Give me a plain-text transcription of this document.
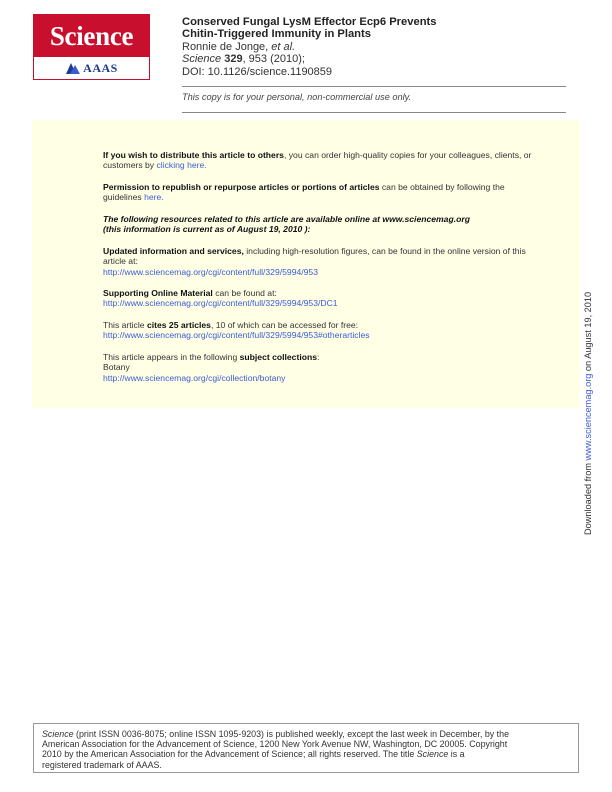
Science
AAAS
Conserved Fungal LysM Effector Ecp6 Prevents
Chitin-Triggered Immunity in Plants
Ronnie de Jonge, et al.
Science 329, 953 (2010);
DOI: 10.1126/science.1190859
This copy is for your personal, non-commercial use only.
If you wish to distribute this article to others, you can order high-quality copies for your colleagues, clients, or customers by clicking here.
Permission to republish or repurpose articles or portions of articles can be obtained by following the guidelines here.
The following resources related to this article are available online at www.sciencemag.org
(this information is current as of August 19, 2010 ):
Updated information and services, including high-resolution figures, can be found in the online version of this article at:
http://www.sciencemag.org/cgi/content/full/329/5994/953
Supporting Online Material can be found at:
http://www.sciencemag.org/cgi/content/full/329/5994/953/DC1
This article cites 25 articles, 10 of which can be accessed for free:
http://www.sciencemag.org/cgi/content/full/329/5994/953#otherarticles
This article appears in the following subject collections:
Botany
http://www.sciencemag.org/cgi/collection/botany
Downloaded from www.sciencemag.org on August 19, 2010
Science (print ISSN 0036-8075; online ISSN 1095-9203) is published weekly, except the last week in December, by the
American Association for the Advancement of Science, 1200 New York Avenue NW, Washington, DC 20005. Copyright
2010 by the American Association for the Advancement of Science; all rights reserved. The title Science is a
registered trademark of AAAS.
